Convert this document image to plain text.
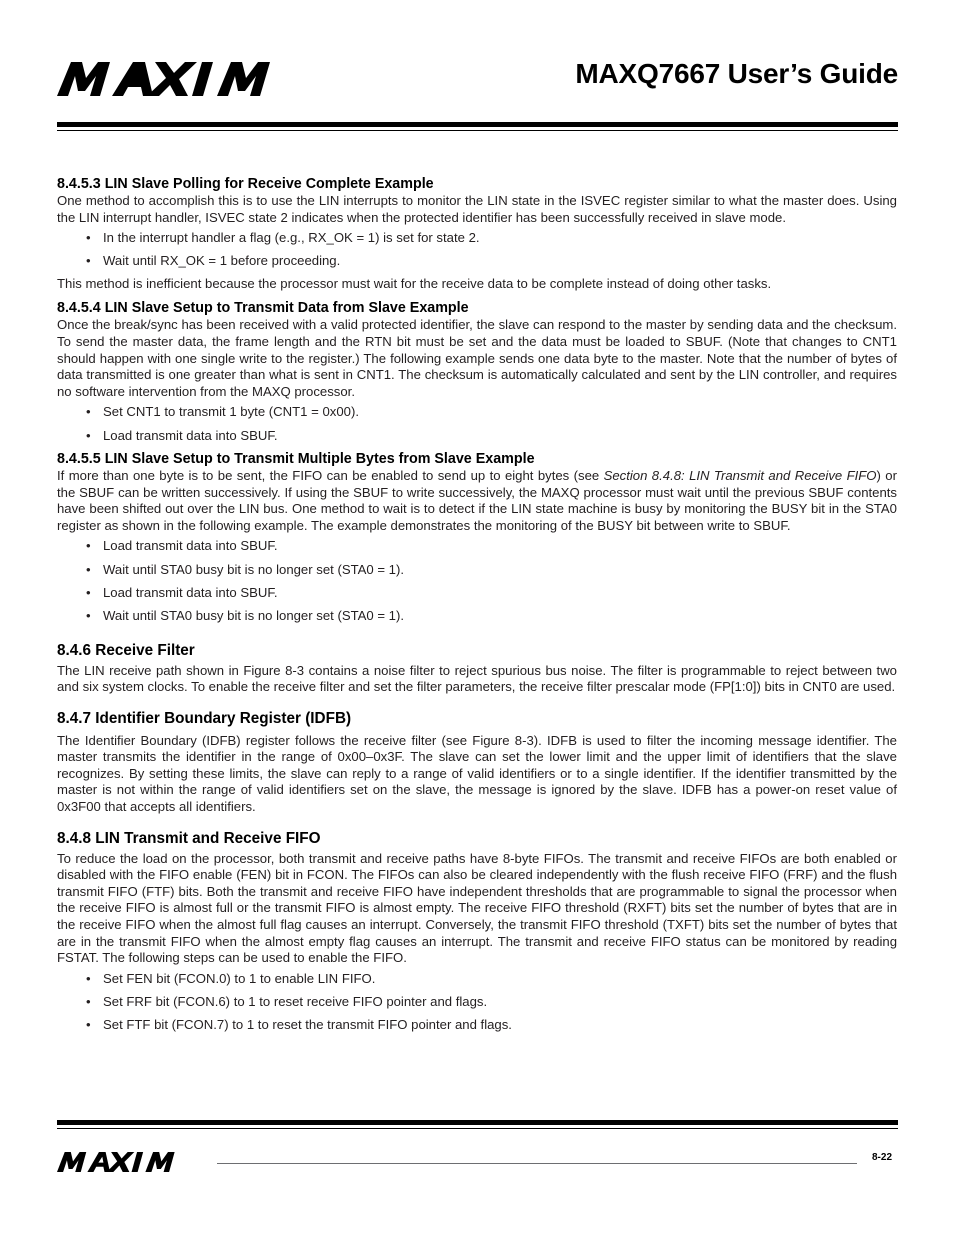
MAXIM	MAXQ7667 User’s Guide

8.4.5.3 LIN Slave Polling for Receive Complete Example

One method to accomplish this is to use the LIN interrupts to monitor the LIN state in the ISVEC register similar to what the master does. Using the LIN interrupt handler, ISVEC state 2 indicates when the protected identifier has been successfully received in slave mode.

• In the interrupt handler a flag (e.g., RX_OK = 1) is set for state 2.
• Wait until RX_OK = 1 before proceeding.

This method is inefficient because the processor must wait for the receive data to be complete instead of doing other tasks.

8.4.5.4 LIN Slave Setup to Transmit Data from Slave Example

Once the break/sync has been received with a valid protected identifier, the slave can respond to the master by sending data and the checksum. To send the master data, the frame length and the RTN bit must be set and the data must be loaded to SBUF. (Note that changes to CNT1 should happen with one single write to the register.) The following example sends one data byte to the master. Note that the number of bytes of data transmitted is one greater than what is sent in CNT1. The checksum is automatically calculated and sent by the LIN controller, and requires no software intervention from the MAXQ processor.

• Set CNT1 to transmit 1 byte (CNT1 = 0x00).
• Load transmit data into SBUF.

8.4.5.5 LIN Slave Setup to Transmit Multiple Bytes from Slave Example

If more than one byte is to be sent, the FIFO can be enabled to send up to eight bytes (see Section 8.4.8: LIN Transmit and Receive FIFO) or the SBUF can be written successively. If using the SBUF to write successively, the MAXQ processor must wait until the previous SBUF contents have been shifted out over the LIN bus. One method to wait is to detect if the LIN state machine is busy by monitoring the BUSY bit in the STA0 register as shown in the following example. The example demonstrates the monitoring of the BUSY bit between write to SBUF.

• Load transmit data into SBUF.
• Wait until STA0 busy bit is no longer set (STA0 = 1).
• Load transmit data into SBUF.
• Wait until STA0 busy bit is no longer set (STA0 = 1).

8.4.6 Receive Filter

The LIN receive path shown in Figure 8-3 contains a noise filter to reject spurious bus noise. The filter is programmable to reject between two and six system clocks. To enable the receive filter and set the filter parameters, the receive filter prescalar mode (FP[1:0]) bits in CNT0 are used.

8.4.7 Identifier Boundary Register (IDFB)

The Identifier Boundary (IDFB) register follows the receive filter (see Figure 8-3). IDFB is used to filter the incoming message identifier. The master transmits the identifier in the range of 0x00–0x3F. The slave can set the lower limit and the upper limit of identifiers that the slave recognizes. By setting these limits, the slave can reply to a range of valid identifiers or to a single identifier. If the identifier transmitted by the master is not within the range of valid identifiers set on the slave, the message is ignored by the slave. IDFB has a power-on reset value of 0x3F00 that accepts all identifiers.

8.4.8 LIN Transmit and Receive FIFO

To reduce the load on the processor, both transmit and receive paths have 8-byte FIFOs. The transmit and receive FIFOs are both enabled or disabled with the FIFO enable (FEN) bit in FCON. The FIFOs can also be cleared independently with the flush receive FIFO (FRF) and the flush transmit FIFO (FTF) bits. Both the transmit and receive FIFO have independent thresholds that are programmable to signal the processor when the receive FIFO is almost full or the transmit FIFO is almost empty. The receive FIFO threshold (RXFT) bits set the number of bytes that are in the receive FIFO when the almost full flag causes an interrupt. Conversely, the transmit FIFO threshold (TXFT) bits set the number of bytes that are in the transmit FIFO when the almost empty flag causes an interrupt. The transmit and receive FIFO status can be monitored by reading FSTAT. The following steps can be used to enable the FIFO.

• Set FEN bit (FCON.0) to 1 to enable LIN FIFO.
• Set FRF bit (FCON.6) to 1 to reset receive FIFO pointer and flags.
• Set FTF bit (FCON.7) to 1 to reset the transmit FIFO pointer and flags.
MAXIM	8-22
